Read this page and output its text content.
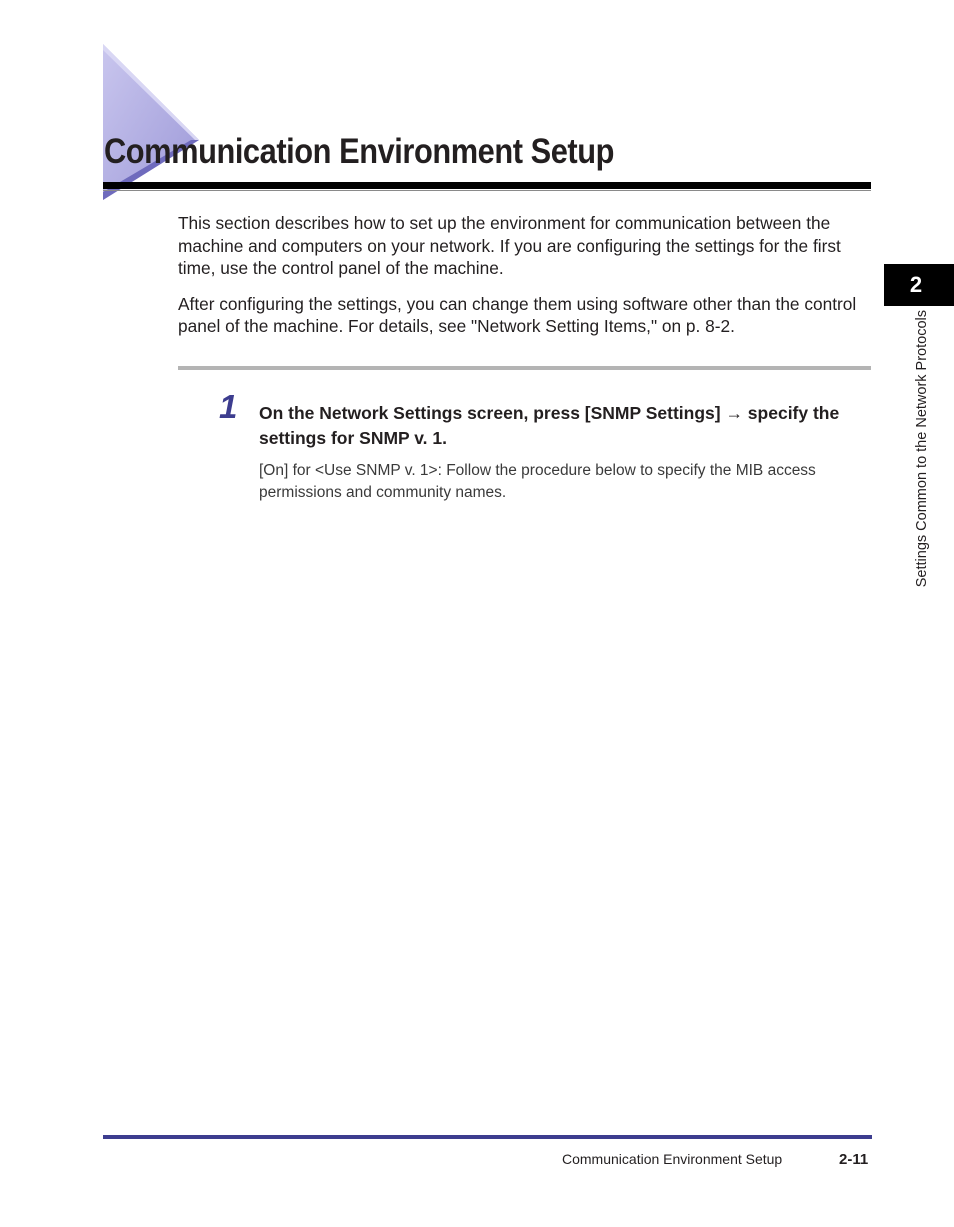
Communication Environment Setup

This section describes how to set up the environment for communication between the machine and computers on your network. If you are configuring the settings for the first time, use the control panel of the machine.

After configuring the settings, you can change them using software other than the control panel of the machine. For details, see "Network Setting Items," on p. 8-2.

1 On the Network Settings screen, press [SNMP Settings] → specify the settings for SNMP v. 1.
[On] for <Use SNMP v. 1>: Follow the procedure below to specify the MIB access permissions and community names.
2
Settings Common to the Network Protocols
Communication Environment Setup	2-11
